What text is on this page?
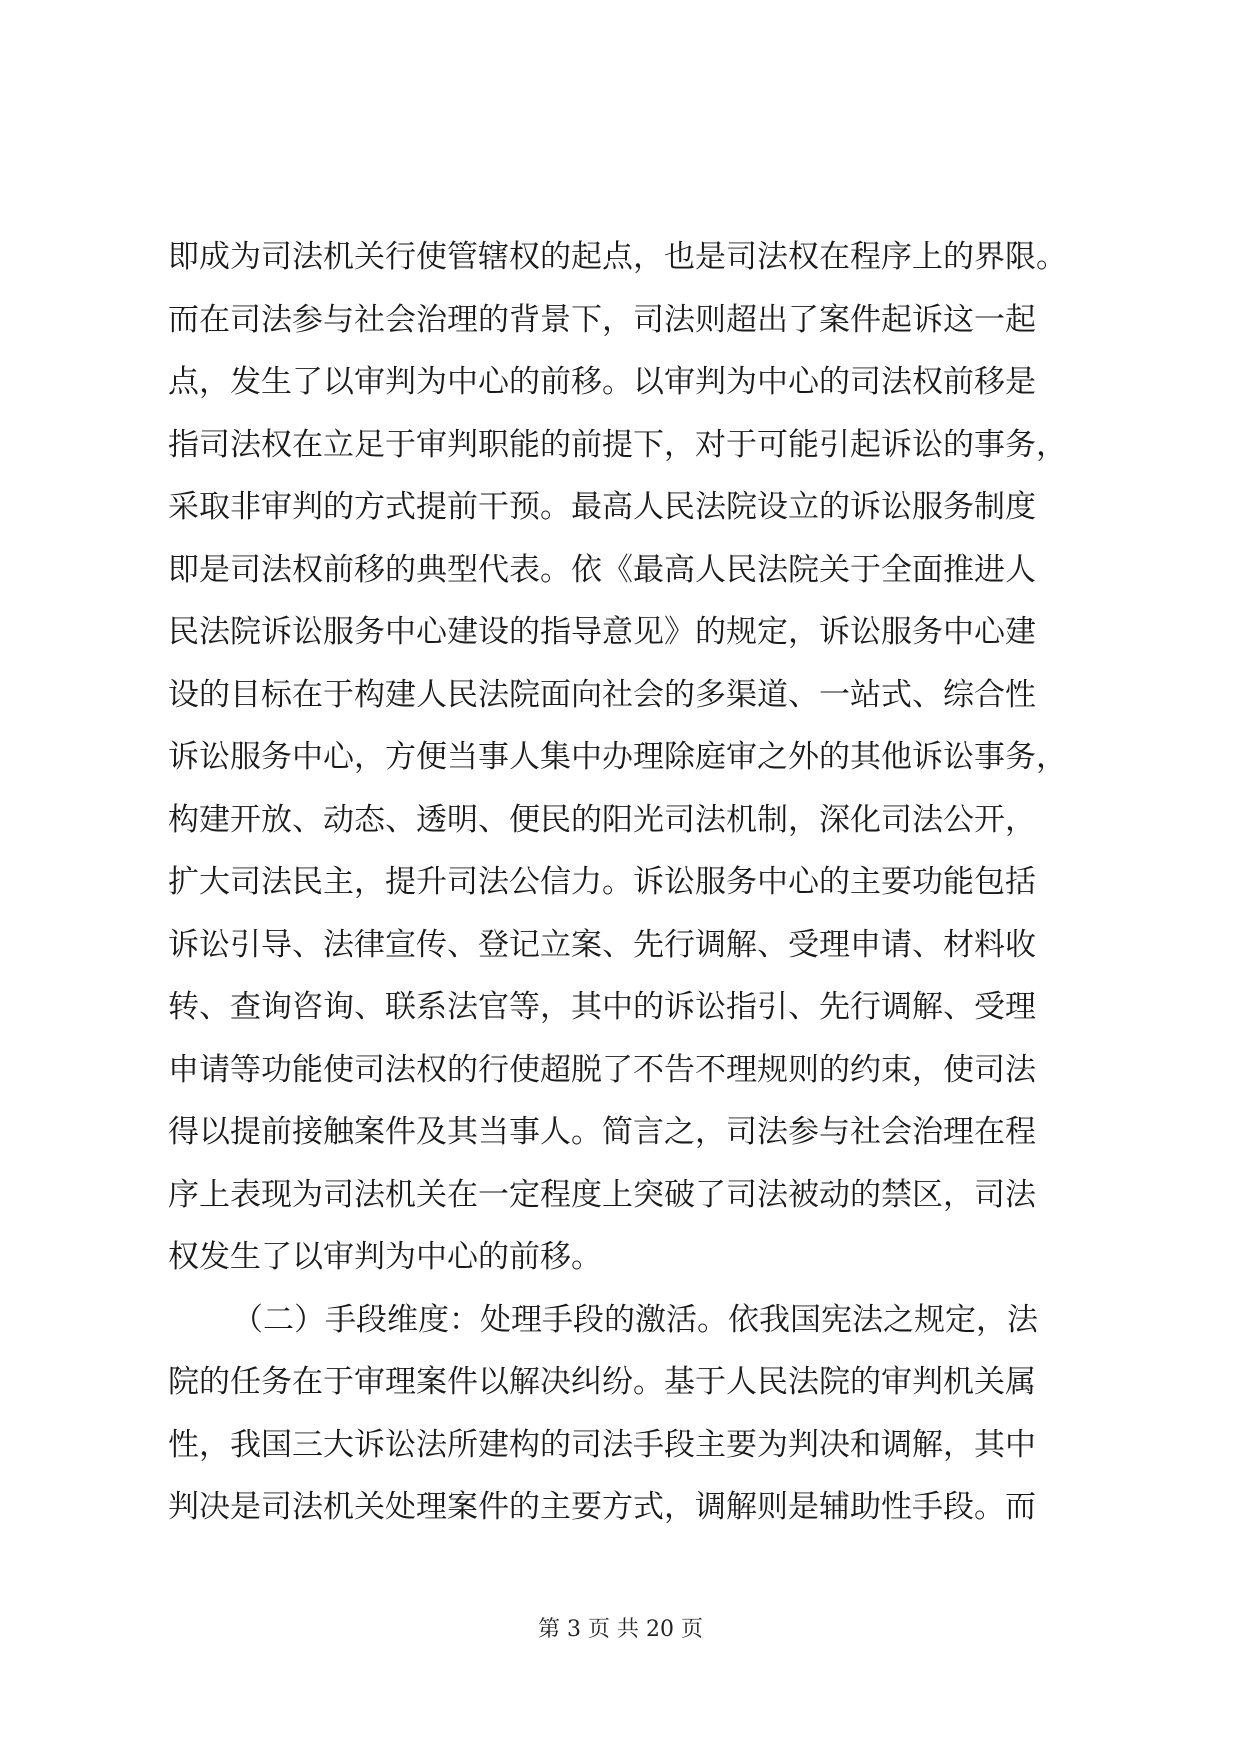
即成为司法机关行使管辖权的起点，也是司法权在程序上的界限。
而在司法参与社会治理的背景下，司法则超出了案件起诉这一起
点，发生了以审判为中心的前移。以审判为中心的司法权前移是
指司法权在立足于审判职能的前提下，对于可能引起诉讼的事务，
采取非审判的方式提前干预。最高人民法院设立的诉讼服务制度
即是司法权前移的典型代表。依《最高人民法院关于全面推进人
民法院诉讼服务中心建设的指导意见》的规定，诉讼服务中心建
设的目标在于构建人民法院面向社会的多渠道、一站式、综合性
诉讼服务中心，方便当事人集中办理除庭审之外的其他诉讼事务，
构建开放、动态、透明、便民的阳光司法机制，深化司法公开，
扩大司法民主，提升司法公信力。诉讼服务中心的主要功能包括
诉讼引导、法律宣传、登记立案、先行调解、受理申请、材料收
转、查询咨询、联系法官等，其中的诉讼指引、先行调解、受理
申请等功能使司法权的行使超脱了不告不理规则的约束，使司法
得以提前接触案件及其当事人。简言之，司法参与社会治理在程
序上表现为司法机关在一定程度上突破了司法被动的禁区，司法
权发生了以审判为中心的前移。
（二）手段维度：处理手段的激活。依我国宪法之规定，法
院的任务在于审理案件以解决纠纷。基于人民法院的审判机关属
性，我国三大诉讼法所建构的司法手段主要为判决和调解，其中
判决是司法机关处理案件的主要方式，调解则是辅助性手段。而
第 3 页 共 20 页
